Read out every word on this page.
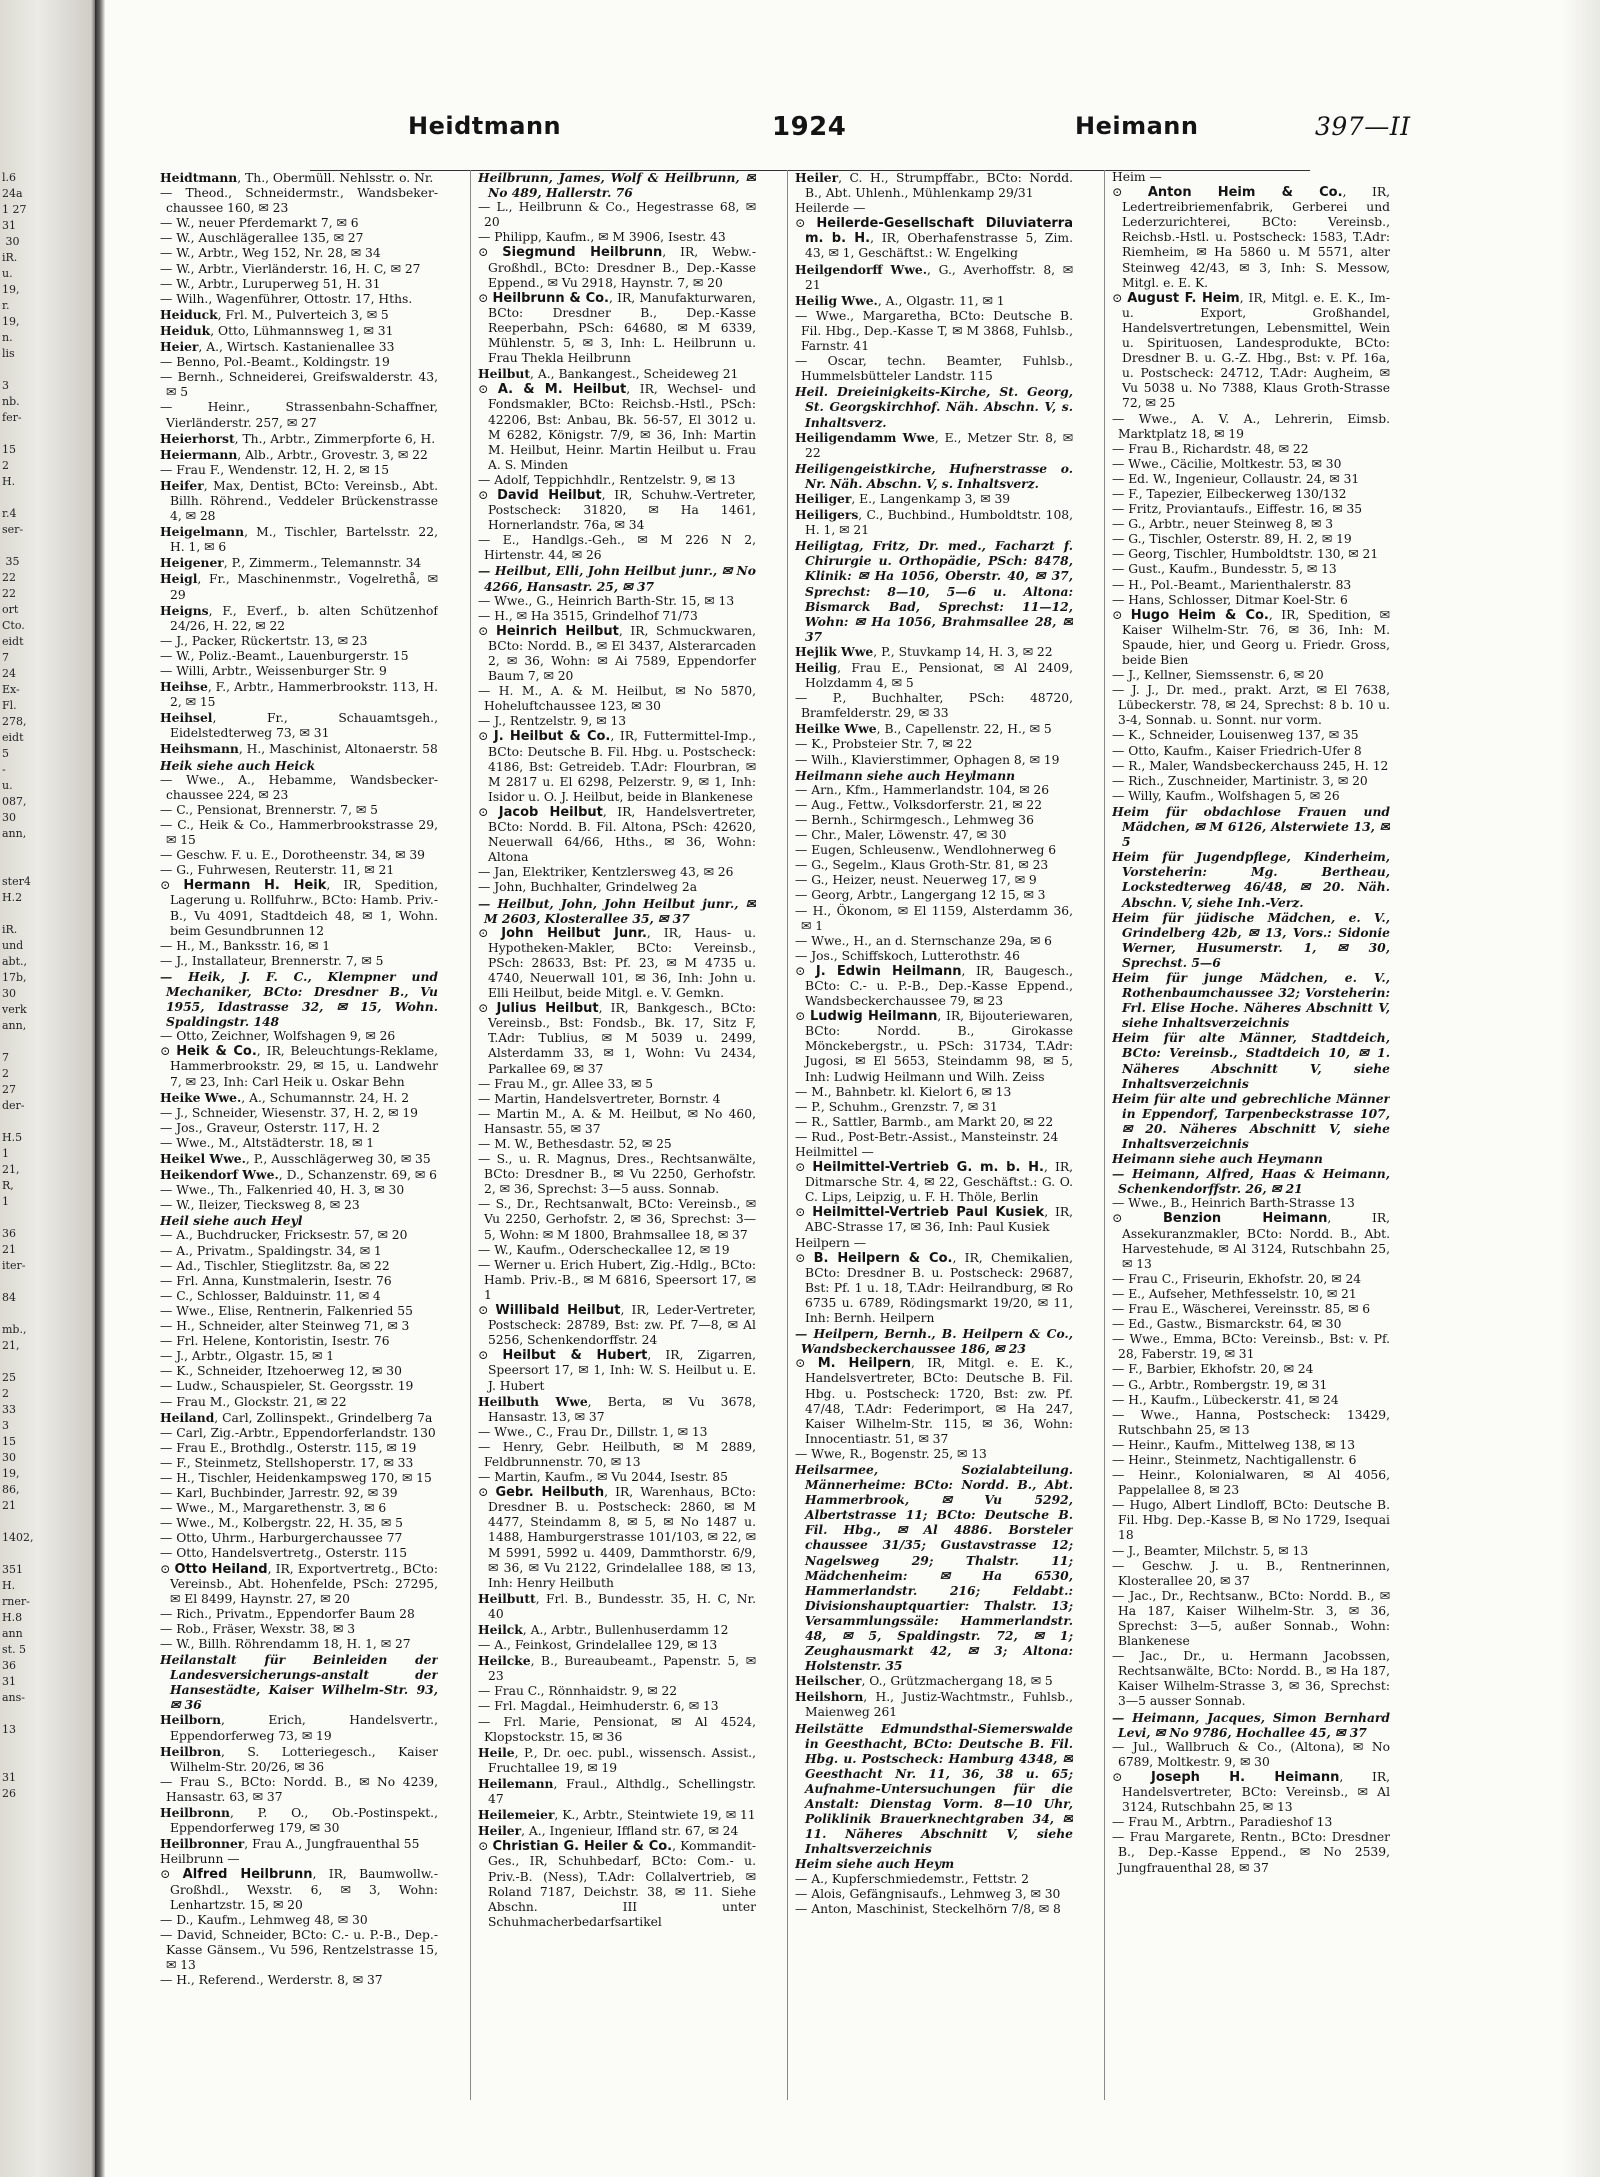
l.6
24a
1 27
31
30
iR.
u.
19,
r.
19,
n.
lis

3
nb.
fer-

15
2
H.

r.4
ser-

35
22
22
ort
Cto.
eidt
7
24
Ex-
Fl.
278,
eidt
5
-
u.
087,
30
ann,

ster4
H.2

iR.
und
abt.,
17b,
30
verk
ann,

7
2
27
der-

H.5
1
21,
R,
1

36
21
iter-

84

mb.,
21,

25
2
33
3
15
30
19,
86,
21

1402,

351
H.
rner-
H.8
ann
st. 5
36
31
ans-

13

31
26
Heidtmann	1924	Heimann	397—II

Heidtmann, Th., Obermüll. Nehlsstr. o. Nr.

— Theod., Schneidermstr., Wandsbeker-chaussee 160, ✉ 23

— W., neuer Pferdemarkt 7, ✉ 6

— W., Auschlägerallee 135, ✉ 27

— W., Arbtr., Weg 152, Nr. 28, ✉ 34

— W., Arbtr., Vierländerstr. 16, H. C, ✉ 27

— W., Arbtr., Luruperweg 51, H. 31

— Wilh., Wagenführer, Ottostr. 17, Hths.

Heiduck, Frl. M., Pulverteich 3, ✉ 5

Heiduk, Otto, Lühmannsweg 1, ✉ 31

Heier, A., Wirtsch. Kastanienallee 33

— Benno, Pol.-Beamt., Koldingstr. 19

— Bernh., Schneiderei, Greifswalderstr. 43, ✉ 5

— Heinr., Strassenbahn-Schaffner, Vierländerstr. 257, ✉ 27

Heierhorst, Th., Arbtr., Zimmerpforte 6, H.

Heiermann, Alb., Arbtr., Grovestr. 3, ✉ 22

— Frau F., Wendenstr. 12, H. 2, ✉ 15

Heifer, Max, Dentist, BCto: Vereinsb., Abt. Billh. Röhrend., Veddeler Brückenstrasse 4, ✉ 28

Heigelmann, M., Tischler, Bartelsstr. 22, H. 1, ✉ 6

Heigener, P., Zimmerm., Telemannstr. 34

Heigl, Fr., Maschinenmstr., Vogelrethå, ✉ 29

Heigns, F., Everf., b. alten Schützenhof 24/26, H. 22, ✉ 22

— J., Packer, Rückertstr. 13, ✉ 23

— W., Poliz.-Beamt., Lauenburgerstr. 15

— Willi, Arbtr., Weissenburger Str. 9

Heihse, F., Arbtr., Hammerbrookstr. 113, H. 2, ✉ 15

Heihsel, Fr., Schauamtsgeh., Eidelstedterweg 73, ✉ 31

Heihsmann, H., Maschinist, Altonaerstr. 58

Heik siehe auch Heick

— Wwe., A., Hebamme, Wandsbecker-chaussee 224, ✉ 23

— C., Pensionat, Brennerstr. 7, ✉ 5

— C., Heik & Co., Hammerbrookstrasse 29, ✉ 15

— Geschw. F. u. E., Dorotheenstr. 34, ✉ 39

— G., Fuhrwesen, Reuterstr. 11, ✉ 21

⊙ Hermann H. Heik, IR, Spedition, Lagerung u. Rollfuhrw., BCto: Hamb. Priv.-B., Vu 4091, Stadtdeich 48, ✉ 1, Wohn. beim Gesundbrunnen 12

— H., M., Banksstr. 16, ✉ 1

— J., Installateur, Brennerstr. 7, ✉ 5

— Heik, J. F. C., Klempner und Mechaniker, BCto: Dresdner B., Vu 1955, Idastrasse 32, ✉ 15, Wohn. Spaldingstr. 148

— Otto, Zeichner, Wolfshagen 9, ✉ 26

⊙ Heik & Co., IR, Beleuchtungs-Reklame, Hammerbrookstr. 29, ✉ 15, u. Landwehr 7, ✉ 23, Inh: Carl Heik u. Oskar Behn

Heike Wwe., A., Schumannstr. 24, H. 2

— J., Schneider, Wiesenstr. 37, H. 2, ✉ 19

— Jos., Graveur, Osterstr. 117, H. 2

— Wwe., M., Altstädterstr. 18, ✉ 1

Heikel Wwe., P., Ausschlägerweg 30, ✉ 35

Heikendorf Wwe., D., Schanzenstr. 69, ✉ 6

— Wwe., Th., Falkenried 40, H. 3, ✉ 30

— W., Ileizer, Tiecksweg 8, ✉ 23

Heil siehe auch Heyl

— A., Buchdrucker, Fricksestr. 57, ✉ 20

— A., Privatm., Spaldingstr. 34, ✉ 1

— Ad., Tischler, Stieglitzstr. 8a, ✉ 22

— Frl. Anna, Kunstmalerin, Isestr. 76

— C., Schlosser, Balduinstr. 11, ✉ 4

— Wwe., Elise, Rentnerin, Falkenried 55

— H., Schneider, alter Steinweg 71, ✉ 3

— Frl. Helene, Kontoristin, Isestr. 76

— J., Arbtr., Olgastr. 15, ✉ 1

— K., Schneider, Itzehoerweg 12, ✉ 30

— Ludw., Schauspieler, St. Georgsstr. 19

— Frau M., Glockstr. 21, ✉ 22

Heiland, Carl, Zollinspekt., Grindelberg 7a

— Carl, Zig.-Arbtr., Eppendorferlandstr. 130

— Frau E., Brothdlg., Osterstr. 115, ✉ 19

— F., Steinmetz, Stellshoperstr. 17, ✉ 33

— H., Tischler, Heidenkampsweg 170, ✉ 15

— Karl, Buchbinder, Jarrestr. 92, ✉ 39

— Wwe., M., Margarethenstr. 3, ✉ 6

— Wwe., M., Kolbergstr. 22, H. 35, ✉ 5

— Otto, Uhrm., Harburgerchaussee 77

— Otto, Handelsvertretg., Osterstr. 115

⊙ Otto Heiland, IR, Exportvertretg., BCto: Vereinsb., Abt. Hohenfelde, PSch: 27295, ✉ El 8499, Haynstr. 27, ✉ 20

— Rich., Privatm., Eppendorfer Baum 28

— Rob., Fräser, Wexstr. 38, ✉ 3

— W., Billh. Röhrendamm 18, H. 1, ✉ 27

Heilanstalt für Beinleiden der Landesversicherungs-anstalt der Hansestädte, Kaiser Wilhelm-Str. 93, ✉ 36

Heilborn, Erich, Handelsvertr., Eppendorferweg 73, ✉ 19

Heilbron, S. Lotteriegesch., Kaiser Wilhelm-Str. 20/26, ✉ 36

— Frau S., BCto: Nordd. B., ✉ No 4239, Hansastr. 63, ✉ 37

Heilbronn, P. O., Ob.-Postinspekt., Eppendorferweg 179, ✉ 30

Heilbronner, Frau A., Jungfrauenthal 55

Heilbrunn —

⊙ Alfred Heilbrunn, IR, Baumwollw.-Großhdl., Wexstr. 6, ✉ 3, Wohn: Lenhartzstr. 15, ✉ 20

— D., Kaufm., Lehmweg 48, ✉ 30

— David, Schneider, BCto: C.- u. P.-B., Dep.-Kasse Gänsem., Vu 596, Rentzelstrasse 15, ✉ 13

— H., Referend., Werderstr. 8, ✉ 37

Heilbrunn, James, Wolf & Heilbrunn, ✉ No 489, Hallerstr. 76

— L., Heilbrunn & Co., Hegestrasse 68, ✉ 20

— Philipp, Kaufm., ✉ M 3906, Isestr. 43

⊙ Siegmund Heilbrunn, IR, Webw.-Großhdl., BCto: Dresdner B., Dep.-Kasse Eppend., ✉ Vu 2918, Haynstr. 7, ✉ 20

⊙ Heilbrunn & Co., IR, Manufakturwaren, BCto: Dresdner B., Dep.-Kasse Reeperbahn, PSch: 64680, ✉ M 6339, Mühlenstr. 5, ✉ 3, Inh: L. Heilbrunn u. Frau Thekla Heilbrunn

Heilbut, A., Bankangest., Scheideweg 21

⊙ A. & M. Heilbut, IR, Wechsel- und Fondsmakler, BCto: Reichsb.-Hstl., PSch: 42206, Bst: Anbau, Bk. 56-57, El 3012 u. M 6282, Königstr. 7/9, ✉ 36, Inh: Martin M. Heilbut, Heinr. Martin Heilbut u. Frau A. S. Minden

— Adolf, Teppichhdlr., Rentzelstr. 9, ✉ 13

⊙ David Heilbut, IR, Schuhw.-Vertreter, Postscheck: 31820, ✉ Ha 1461, Hornerlandstr. 76a, ✉ 34

— E., Handlgs.-Geh., ✉ M 226 N 2, Hirtenstr. 44, ✉ 26

— Heilbut, Elli, John Heilbut junr., ✉ No 4266, Hansastr. 25, ✉ 37

— Wwe., G., Heinrich Barth-Str. 15, ✉ 13

— H., ✉ Ha 3515, Grindelhof 71/73

⊙ Heinrich Heilbut, IR, Schmuckwaren, BCto: Nordd. B., ✉ El 3437, Alsterarcaden 2, ✉ 36, Wohn: ✉ Ai 7589, Eppendorfer Baum 7, ✉ 20

— H. M., A. & M. Heilbut, ✉ No 5870, Hoheluftchaussee 123, ✉ 30

— J., Rentzelstr. 9, ✉ 13

⊙ J. Heilbut & Co., IR, Futtermittel-Imp., BCto: Deutsche B. Fil. Hbg. u. Postscheck: 4186, Bst: Getreideb. T.Adr: Flourbran, ✉ M 2817 u. El 6298, Pelzerstr. 9, ✉ 1, Inh: Isidor u. O. J. Heilbut, beide in Blankenese

⊙ Jacob Heilbut, IR, Handelsvertreter, BCto: Nordd. B. Fil. Altona, PSch: 42620, Neuerwall 64/66, Hths., ✉ 36, Wohn: Altona

— Jan, Elektriker, Kentzlersweg 43, ✉ 26

— John, Buchhalter, Grindelweg 2a

— Heilbut, John, John Heilbut junr., ✉ M 2603, Klosterallee 35, ✉ 37

⊙ John Heilbut Junr., IR, Haus- u. Hypotheken-Makler, BCto: Vereinsb., PSch: 28633, Bst: Pf. 23, ✉ M 4735 u. 4740, Neuerwall 101, ✉ 36, Inh: John u. Elli Heilbut, beide Mitgl. e. V. Gemkn.

⊙ Julius Heilbut, IR, Bankgesch., BCto: Vereinsb., Bst: Fondsb., Bk. 17, Sitz F, T.Adr: Tublius, ✉ M 5039 u. 2499, Alsterdamm 33, ✉ 1, Wohn: Vu 2434, Parkallee 69, ✉ 37

— Frau M., gr. Allee 33, ✉ 5

— Martin, Handelsvertreter, Bornstr. 4

— Martin M., A. & M. Heilbut, ✉ No 460, Hansastr. 55, ✉ 37

— M. W., Bethesdastr. 52, ✉ 25

— S., u. R. Magnus, Dres., Rechtsanwälte, BCto: Dresdner B., ✉ Vu 2250, Gerhofstr. 2, ✉ 36, Sprechst: 3—5 auss. Sonnab.

— S., Dr., Rechtsanwalt, BCto: Vereinsb., ✉ Vu 2250, Gerhofstr. 2, ✉ 36, Sprechst: 3—5, Wohn: ✉ M 1800, Brahmsallee 18, ✉ 37

— W., Kaufm., Oderscheckallee 12, ✉ 19

— Werner u. Erich Hubert, Zig.-Hdlg., BCto: Hamb. Priv.-B., ✉ M 6816, Speersort 17, ✉ 1

⊙ Willibald Heilbut, IR, Leder-Vertreter, Postscheck: 28789, Bst: zw. Pf. 7—8, ✉ Al 5256, Schenkendorffstr. 24

⊙ Heilbut & Hubert, IR, Zigarren, Speersort 17, ✉ 1, Inh: W. S. Heilbut u. E. J. Hubert

Heilbuth Wwe, Berta, ✉ Vu 3678, Hansastr. 13, ✉ 37

— Wwe., C., Frau Dr., Dillstr. 1, ✉ 13

— Henry, Gebr. Heilbuth, ✉ M 2889, Feldbrunnenstr. 70, ✉ 13

— Martin, Kaufm., ✉ Vu 2044, Isestr. 85

⊙ Gebr. Heilbuth, IR, Warenhaus, BCto: Dresdner B. u. Postscheck: 2860, ✉ M 4477, Steindamm 8, ✉ 5, ✉ No 1487 u. 1488, Hamburgerstrasse 101/103, ✉ 22, ✉ M 5991, 5992 u. 4409, Dammthorstr. 6/9, ✉ 36, ✉ Vu 2122, Grindelallee 188, ✉ 13, Inh: Henry Heilbuth

Heilbutt, Frl. B., Bundesstr. 35, H. C, Nr. 40

Heilck, A., Arbtr., Bullenhuserdamm 12

— A., Feinkost, Grindelallee 129, ✉ 13

Heilcke, B., Bureaubeamt., Papenstr. 5, ✉ 23

— Frau C., Rönnhaidstr. 9, ✉ 22

— Frl. Magdal., Heimhuderstr. 6, ✉ 13

— Frl. Marie, Pensionat, ✉ Al 4524, Klopstockstr. 15, ✉ 36

Heile, P., Dr. oec. publ., wissensch. Assist., Fruchtallee 19, ✉ 19

Heilemann, Fraul., Althdlg., Schellingstr. 47

Heilemeier, K., Arbtr., Steintwiete 19, ✉ 11

Heiler, A., Ingenieur, Iffland str. 67, ✉ 24

⊙ Christian G. Heiler & Co., Kommandit-Ges., IR, Schuhbedarf, BCto: Com.- u. Priv.-B. (Ness), T.Adr: Collalvertrieb, ✉ Roland 7187, Deichstr. 38, ✉ 11. Siehe Abschn. III unter Schuhmacherbedarfsartikel

Heiler, C. H., Strumpffabr., BCto: Nordd. B., Abt. Uhlenh., Mühlenkamp 29/31

Heilerde —

⊙ Heilerde-Gesellschaft Diluviaterra m. b. H., IR, Oberhafenstrasse 5, Zim. 43, ✉ 1, Geschäftst.: W. Engelking

Heilgendorff Wwe., G., Averhoffstr. 8, ✉ 21

Heilig Wwe., A., Olgastr. 11, ✉ 1

— Wwe., Margaretha, BCto: Deutsche B. Fil. Hbg., Dep.-Kasse T, ✉ M 3868, Fuhlsb., Farnstr. 41

— Oscar, techn. Beamter, Fuhlsb., Hummelsbütteler Landstr. 115

Heil. Dreieinigkeits-Kirche, St. Georg, St. Georgskirchhof. Näh. Abschn. V, s. Inhaltsverz.

Heiligendamm Wwe, E., Metzer Str. 8, ✉ 22

Heiligengeistkirche, Hufnerstrasse o. Nr. Näh. Abschn. V, s. Inhaltsverz.

Heiliger, E., Langenkamp 3, ✉ 39

Heiligers, C., Buchbind., Humboldtstr. 108, H. 1, ✉ 21

Heiligtag, Fritz, Dr. med., Facharzt f. Chirurgie u. Orthopädie, PSch: 8478, Klinik: ✉ Ha 1056, Oberstr. 40, ✉ 37, Sprechst: 8—10, 5—6 u. Altona: Bismarck Bad, Sprechst: 11—12, Wohn: ✉ Ha 1056, Brahmsallee 28, ✉ 37

Hejlik Wwe, P., Stuvkamp 14, H. 3, ✉ 22

Heilig, Frau E., Pensionat, ✉ Al 2409, Holzdamm 4, ✉ 5

— P., Buchhalter, PSch: 48720, Bramfelderstr. 29, ✉ 33

Heilke Wwe, B., Capellenstr. 22, H., ✉ 5

— K., Probsteier Str. 7, ✉ 22

— Wilh., Klavierstimmer, Ophagen 8, ✉ 19

Heilmann siehe auch Heylmann

— Arn., Kfm., Hammerlandstr. 104, ✉ 26

— Aug., Fettw., Volksdorferstr. 21, ✉ 22

— Bernh., Schirmgesch., Lehmweg 36

— Chr., Maler, Löwenstr. 47, ✉ 30

— Eugen, Schleusenw., Wendlohnerweg 6

— G., Segelm., Klaus Groth-Str. 81, ✉ 23

— G., Heizer, neust. Neuerweg 17, ✉ 9

— Georg, Arbtr., Langergang 12 15, ✉ 3

— H., Ökonom, ✉ El 1159, Alsterdamm 36, ✉ 1

— Wwe., H., an d. Sternschanze 29a, ✉ 6

— Jos., Schiffskoch, Lutterothstr. 46

⊙ J. Edwin Heilmann, IR, Baugesch., BCto: C.- u. P.-B., Dep.-Kasse Eppend., Wandsbeckerchaussee 79, ✉ 23

⊙ Ludwig Heilmann, IR, Bijouteriewaren, BCto: Nordd. B., Girokasse Mönckebergstr., u. PSch: 31734, T.Adr: Jugosi, ✉ El 5653, Steindamm 98, ✉ 5, Inh: Ludwig Heilmann und Wilh. Zeiss

— M., Bahnbetr. kl. Kielort 6, ✉ 13

— P., Schuhm., Grenzstr. 7, ✉ 31

— R., Sattler, Barmb., am Markt 20, ✉ 22

— Rud., Post-Betr.-Assist., Mansteinstr. 24

Heilmittel —

⊙ Heilmittel-Vertrieb G. m. b. H., IR, Ditmarsche Str. 4, ✉ 22, Geschäftst.: G. O. C. Lips, Leipzig, u. F. H. Thöle, Berlin

⊙ Heilmittel-Vertrieb Paul Kusiek, IR, ABC-Strasse 17, ✉ 36, Inh: Paul Kusiek

Heilpern —

⊙ B. Heilpern & Co., IR, Chemikalien, BCto: Dresdner B. u. Postscheck: 29687, Bst: Pf. 1 u. 18, T.Adr: Heilrandburg, ✉ Ro 6735 u. 6789, Rödingsmarkt 19/20, ✉ 11, Inh: Bernh. Heilpern

— Heilpern, Bernh., B. Heilpern & Co., Wandsbeckerchaussee 186, ✉ 23

⊙ M. Heilpern, IR, Mitgl. e. E. K., Handelsvertreter, BCto: Deutsche B. Fil. Hbg. u. Postscheck: 1720, Bst: zw. Pf. 47/48, T.Adr: Federimport, ✉ Ha 247, Kaiser Wilhelm-Str. 115, ✉ 36, Wohn: Innocentiastr. 51, ✉ 37

— Wwe, R., Bogenstr. 25, ✉ 13

Heilsarmee, Sozialabteilung. Männerheime: BCto: Nordd. B., Abt. Hammerbrook, ✉ Vu 5292, Albertstrasse 11; BCto: Deutsche B. Fil. Hbg., ✉ Al 4886. Borsteler chaussee 31/35; Gustavstrasse 12; Nagelsweg 29; Thalstr. 11; Mädchenheim: ✉ Ha 6530, Hammerlandstr. 216; Feldabt.: Divisionshauptquartier: Thalstr. 13; Versammlungssäle: Hammerlandstr. 48, ✉ 5, Spaldingstr. 72, ✉ 1; Zeughausmarkt 42, ✉ 3; Altona: Holstenstr. 35

Heilscher, O., Grützmachergang 18, ✉ 5

Heilshorn, H., Justiz-Wachtmstr., Fuhlsb., Maienweg 261

Heilstätte Edmundsthal-Siemerswalde in Geesthacht, BCto: Deutsche B. Fil. Hbg. u. Postscheck: Hamburg 4348, ✉ Geesthacht Nr. 11, 36, 38 u. 65; Aufnahme-Untersuchungen für die Anstalt: Dienstag Vorm. 8—10 Uhr, Poliklinik Brauerknechtgraben 34, ✉ 11. Näheres Abschnitt V, siehe Inhaltsverzeichnis

Heim siehe auch Heym

— A., Kupferschmiedemstr., Fettstr. 2

— Alois, Gefängnisaufs., Lehmweg 3, ✉ 30

— Anton, Maschinist, Steckelhörn 7/8, ✉ 8

Heim —

⊙ Anton Heim & Co., IR, Ledertreibriemenfabrik, Gerberei und Lederzurichterei, BCto: Vereinsb., Reichsb.-Hstl. u. Postscheck: 1583, T.Adr: Riemheim, ✉ Ha 5860 u. M 5571, alter Steinweg 42/43, ✉ 3, Inh: S. Messow, Mitgl. e. E. K.

⊙ August F. Heim, IR, Mitgl. e. E. K., Im- u. Export, Großhandel, Handelsvertretungen, Lebensmittel, Wein u. Spirituosen, Landesprodukte, BCto: Dresdner B. u. G.-Z. Hbg., Bst: v. Pf. 16a, u. Postscheck: 24712, T.Adr: Augheim, ✉ Vu 5038 u. No 7388, Klaus Groth-Strasse 72, ✉ 25

— Wwe., A. V. A., Lehrerin, Eimsb. Marktplatz 18, ✉ 19

— Frau B., Richardstr. 48, ✉ 22

— Wwe., Cäcilie, Moltkestr. 53, ✉ 30

— Ed. W., Ingenieur, Collaustr. 24, ✉ 31

— F., Tapezier, Eilbeckerweg 130/132

— Fritz, Proviantaufs., Eiffestr. 16, ✉ 35

— G., Arbtr., neuer Steinweg 8, ✉ 3

— G., Tischler, Osterstr. 89, H. 2, ✉ 19

— Georg, Tischler, Humboldtstr. 130, ✉ 21

— Gust., Kaufm., Bundesstr. 5, ✉ 13

— H., Pol.-Beamt., Marienthalerstr. 83

— Hans, Schlosser, Ditmar Koel-Str. 6

⊙ Hugo Heim & Co., IR, Spedition, ✉ Kaiser Wilhelm-Str. 76, ✉ 36, Inh: M. Spaude, hier, und Georg u. Friedr. Gross, beide Bien

— J., Kellner, Siemssenstr. 6, ✉ 20

— J. J., Dr. med., prakt. Arzt, ✉ El 7638, Lübeckerstr. 78, ✉ 24, Sprechst: 8 b. 10 u. 3-4, Sonnab. u. Sonnt. nur vorm.

— K., Schneider, Louisenweg 137, ✉ 35

— Otto, Kaufm., Kaiser Friedrich-Ufer 8

— R., Maler, Wandsbeckerchauss 245, H. 12

— Rich., Zuschneider, Martinistr. 3, ✉ 20

— Willy, Kaufm., Wolfshagen 5, ✉ 26

Heim für obdachlose Frauen und Mädchen, ✉ M 6126, Alsterwiete 13, ✉ 5

Heim für Jugendpflege, Kinderheim, Vorsteherin: Mg. Bertheau, Lockstedterweg 46/48, ✉ 20. Näh. Abschn. V, siehe Inh.-Verz.

Heim für jüdische Mädchen, e. V., Grindelberg 42b, ✉ 13, Vors.: Sidonie Werner, Husumerstr. 1, ✉ 30, Sprechst. 5—6

Heim für junge Mädchen, e. V., Rothenbaumchaussee 32; Vorsteherin: Frl. Elise Hoche. Näheres Abschnitt V, siehe Inhaltsverzeichnis

Heim für alte Männer, Stadtdeich, BCto: Vereinsb., Stadtdeich 10, ✉ 1. Näheres Abschnitt V, siehe Inhaltsverzeichnis

Heim für alte und gebrechliche Männer in Eppendorf, Tarpenbeckstrasse 107, ✉ 20. Näheres Abschnitt V, siehe Inhaltsverzeichnis

Heimann siehe auch Heymann

— Heimann, Alfred, Haas & Heimann, Schenkendorffstr. 26, ✉ 21

— Wwe., B., Heinrich Barth-Strasse 13

⊙ Benzion Heimann, IR, Assekuranzmakler, BCto: Nordd. B., Abt. Harvestehude, ✉ Al 3124, Rutschbahn 25, ✉ 13

— Frau C., Friseurin, Ekhofstr. 20, ✉ 24

— E., Aufseher, Methfesselstr. 10, ✉ 21

— Frau E., Wäscherei, Vereinsstr. 85, ✉ 6

— Ed., Gastw., Bismarckstr. 64, ✉ 30

— Wwe., Emma, BCto: Vereinsb., Bst: v. Pf. 28, Faberstr. 19, ✉ 31

— F., Barbier, Ekhofstr. 20, ✉ 24

— G., Arbtr., Rombergstr. 19, ✉ 31

— H., Kaufm., Lübeckerstr. 41, ✉ 24

— Wwe., Hanna, Postscheck: 13429, Rutschbahn 25, ✉ 13

— Heinr., Kaufm., Mittelweg 138, ✉ 13

— Heinr., Steinmetz, Nachtigallenstr. 6

— Heinr., Kolonialwaren, ✉ Al 4056, Pappelallee 8, ✉ 23

— Hugo, Albert Lindloff, BCto: Deutsche B. Fil. Hbg. Dep.-Kasse B, ✉ No 1729, Isequai 18

— J., Beamter, Milchstr. 5, ✉ 13

— Geschw. J. u. B., Rentnerinnen, Klosterallee 20, ✉ 37

— Jac., Dr., Rechtsanw., BCto: Nordd. B., ✉ Ha 187, Kaiser Wilhelm-Str. 3, ✉ 36, Sprechst: 3—5, außer Sonnab., Wohn: Blankenese

— Jac., Dr., u. Hermann Jacobssen, Rechtsanwälte, BCto: Nordd. B., ✉ Ha 187, Kaiser Wilhelm-Strasse 3, ✉ 36, Sprechst: 3—5 ausser Sonnab.

— Heimann, Jacques, Simon Bernhard Levi, ✉ No 9786, Hochallee 45, ✉ 37

— Jul., Wallbruch & Co., (Altona), ✉ No 6789, Moltkestr. 9, ✉ 30

⊙ Joseph H. Heimann, IR, Handelsvertreter, BCto: Vereinsb., ✉ Al 3124, Rutschbahn 25, ✉ 13

— Frau M., Arbtrn., Paradieshof 13

— Frau Margarete, Rentn., BCto: Dresdner B., Dep.-Kasse Eppend., ✉ No 2539, Jungfrauenthal 28, ✉ 37
